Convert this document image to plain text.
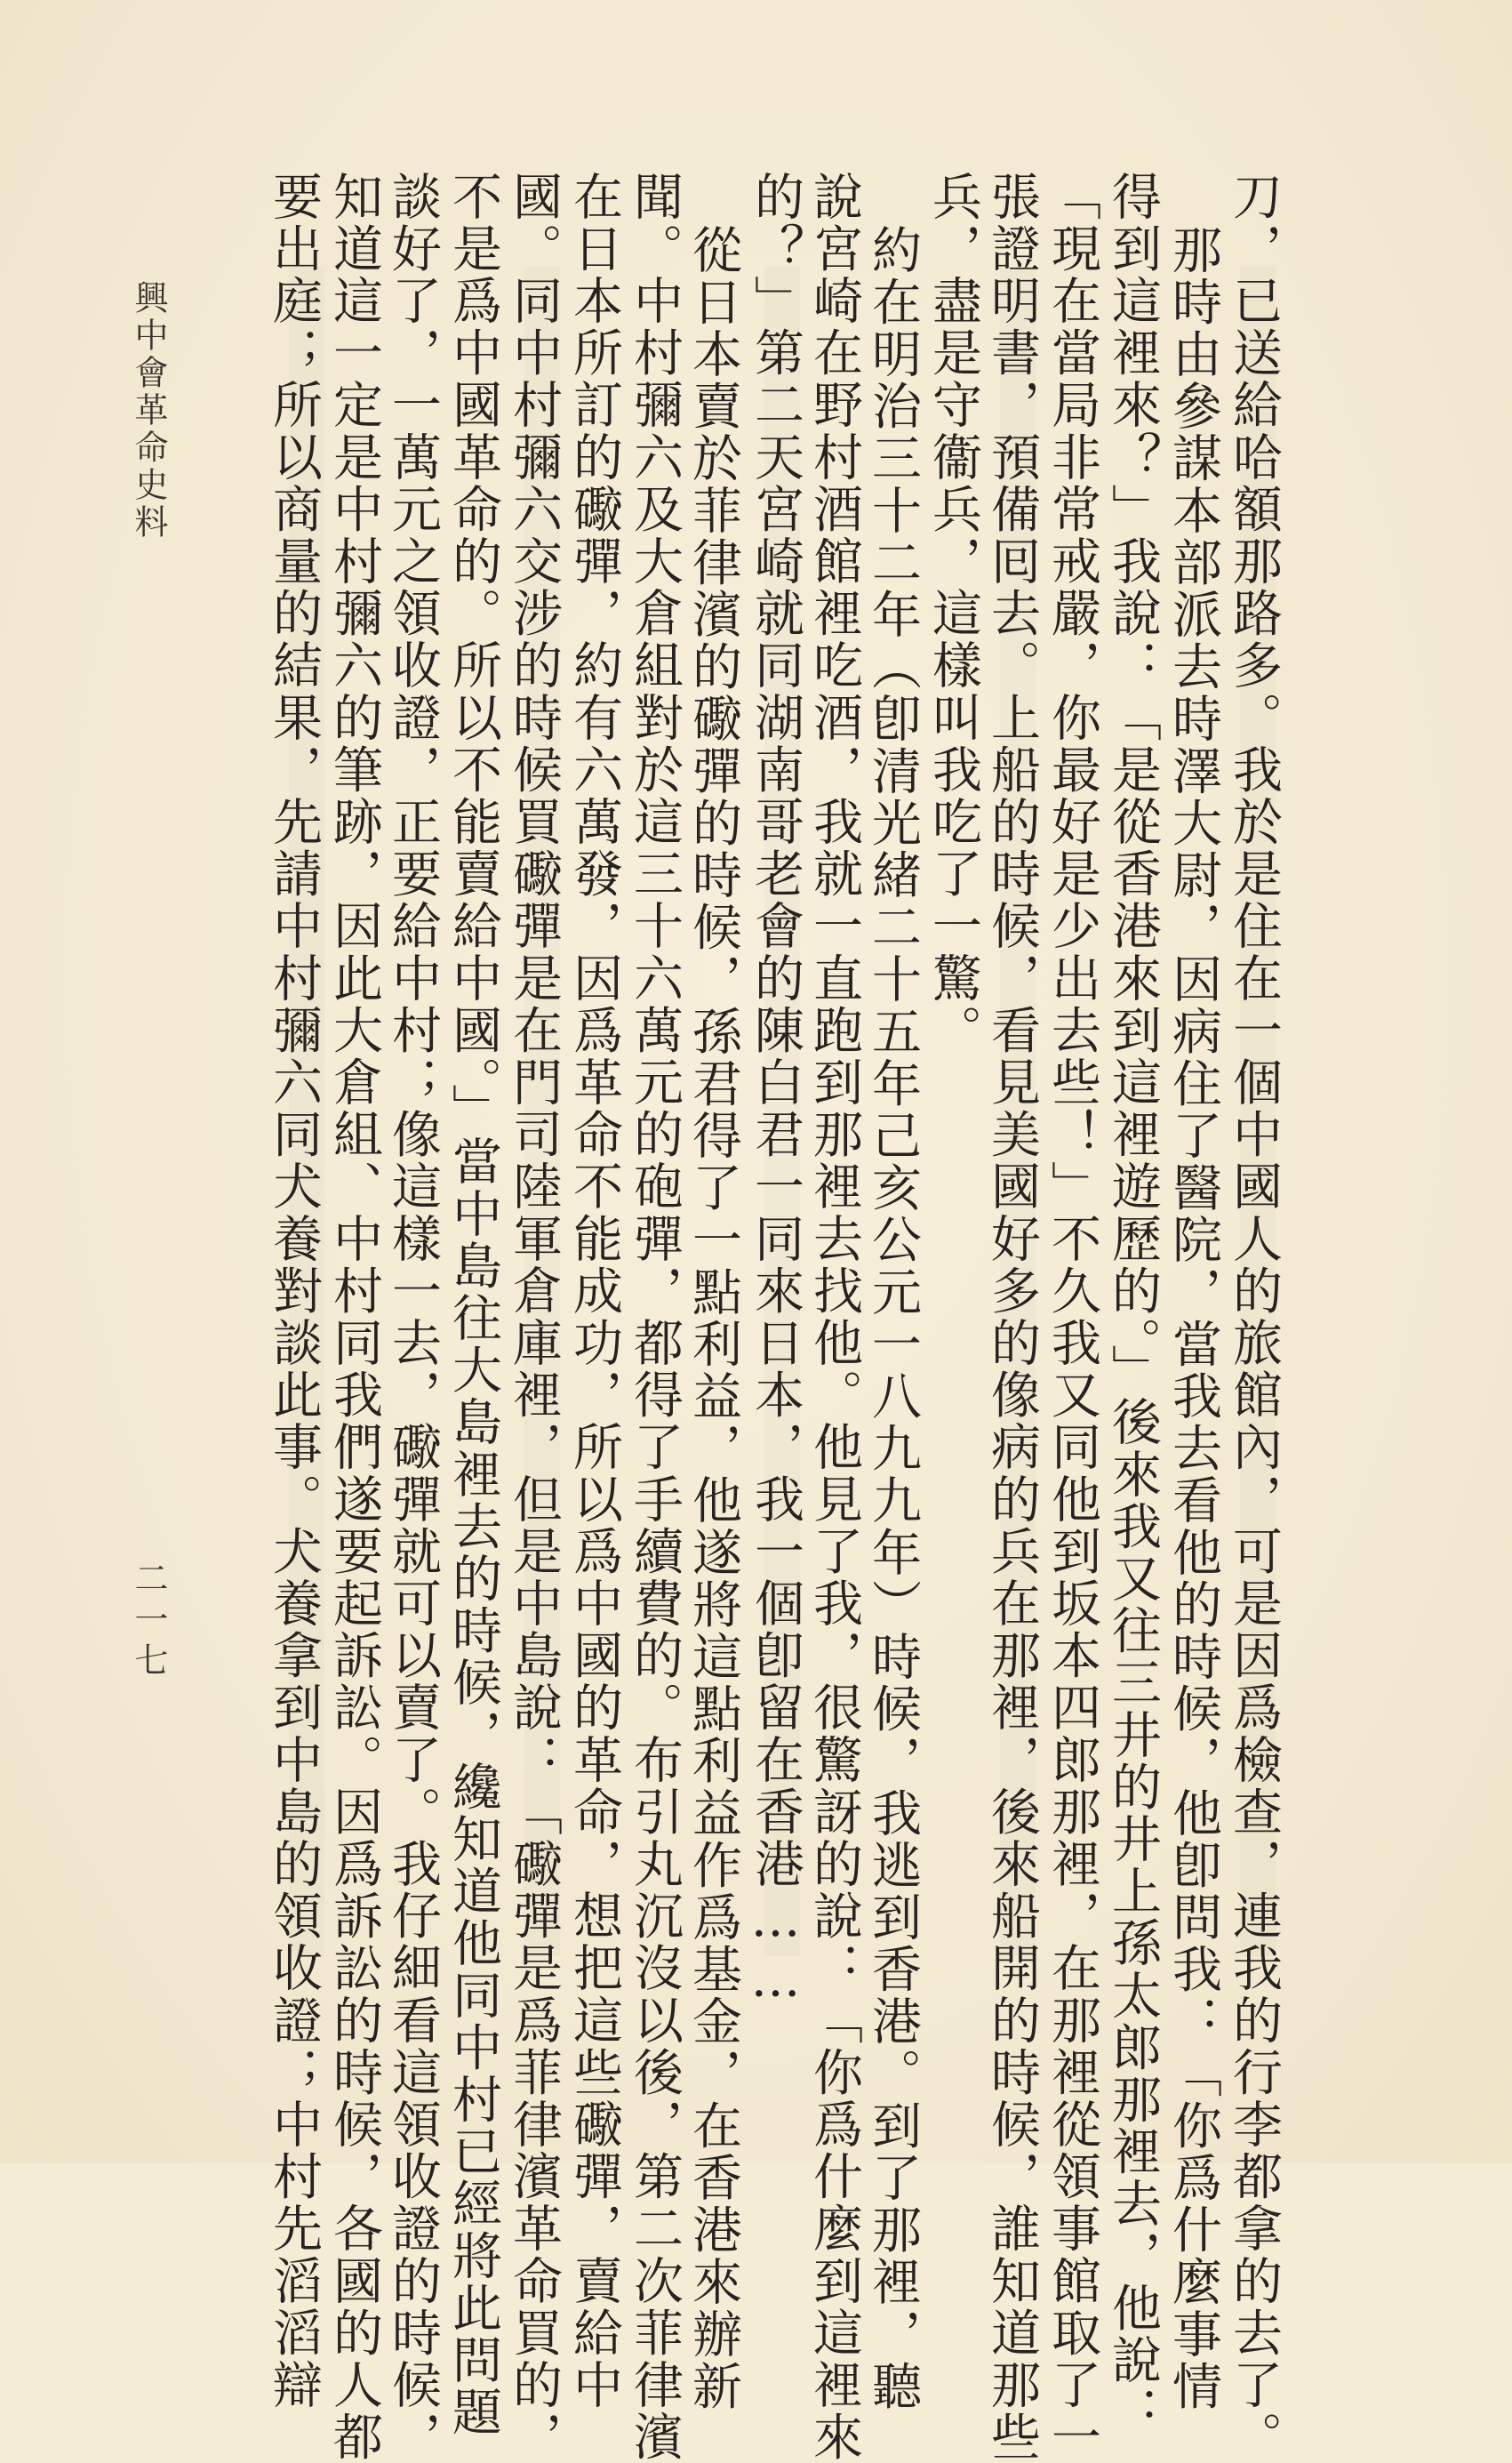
刀，已送給哈額那路多。我於是住在一個中國人的旅館內，可是因爲檢查，連我的行李都拿的去了。
那時由參謀本部派去時澤大尉，因病住了醫院，當我去看他的時候，他卽問我：「你爲什麼事情
得到這裡來？」我說：「是從香港來到這裡遊歷的。」後來我又往三井的井上孫太郎那裡去，他說：
「現在當局非常戒嚴，你最好是少出去些！」不久我又同他到坂本四郎那裡，在那裡從領事館取了一
張證明書，預備囘去。上船的時候，看見美國好多的像病的兵在那裡，後來船開的時候，誰知道那些
兵，盡是守衞兵，這樣叫我吃了一驚。
約在明治三十二年（卽清光緒二十五年己亥公元一八九九年）時候，我逃到香港。到了那裡，聽
說宮崎在野村酒館裡吃酒，我就一直跑到那裡去找他。他見了我，很驚訝的說：「你爲什麼到這裡來
的？」第二天宮崎就同湖南哥老會的陳白君一同來日本，我一個卽留在香港……
從日本賣於菲律濱的礮彈的時候，孫君得了一點利益，他遂將這點利益作爲基金，在香港來辦新
聞。中村彌六及大倉組對於這三十六萬元的砲彈，都得了手續費的。布引丸沉沒以後，第二次菲律濱
在日本所訂的礮彈，約有六萬發，因爲革命不能成功，所以爲中國的革命，想把這些礮彈，賣給中
國。同中村彌六交涉的時候買礮彈是在門司陸軍倉庫裡，但是中島說：「礮彈是爲菲律濱革命買的，
不是爲中國革命的。所以不能賣給中國。」當中島往大島裡去的時候，纔知道他同中村已經將此問題
談好了，一萬元之領收證，正要給中村；像這樣一去，礮彈就可以賣了。我仔細看這領收證的時候，
知道這一定是中村彌六的筆跡，因此大倉組、中村同我們遂要起訴訟。因爲訴訟的時候，各國的人都
要出庭；所以商量的結果，先請中村彌六同犬養對談此事。犬養拿到中島的領收證；中村先滔滔辯
興中會革命史料
二一七
